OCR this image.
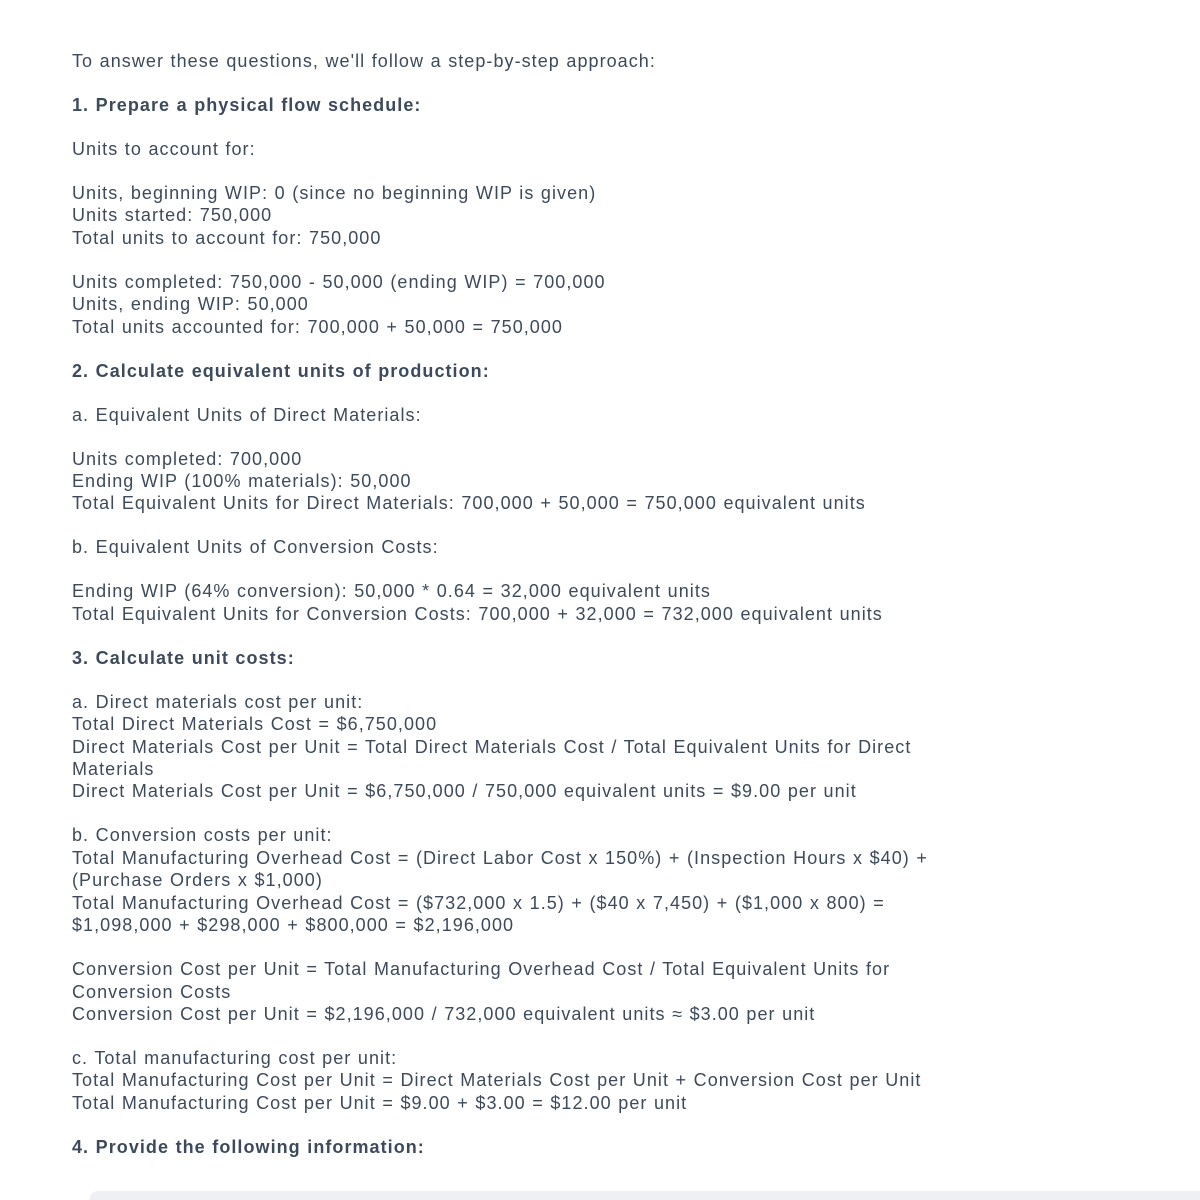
To answer these questions, we'll follow a step-by-step approach:
1. Prepare a physical flow schedule:
Units to account for:
Units, beginning WIP: 0 (since no beginning WIP is given)
Units started: 750,000
Total units to account for: 750,000
Units completed: 750,000 - 50,000 (ending WIP) = 700,000
Units, ending WIP: 50,000
Total units accounted for: 700,000 + 50,000 = 750,000
2. Calculate equivalent units of production:
a. Equivalent Units of Direct Materials:
Units completed: 700,000
Ending WIP (100% materials): 50,000
Total Equivalent Units for Direct Materials: 700,000 + 50,000 = 750,000 equivalent units
b. Equivalent Units of Conversion Costs:
Ending WIP (64% conversion): 50,000 * 0.64 = 32,000 equivalent units
Total Equivalent Units for Conversion Costs: 700,000 + 32,000 = 732,000 equivalent units
3. Calculate unit costs:
a. Direct materials cost per unit:
Total Direct Materials Cost = $6,750,000
Direct Materials Cost per Unit = Total Direct Materials Cost / Total Equivalent Units for Direct
Materials
Direct Materials Cost per Unit = $6,750,000 / 750,000 equivalent units = $9.00 per unit
b. Conversion costs per unit:
Total Manufacturing Overhead Cost = (Direct Labor Cost x 150%) + (Inspection Hours x $40) +
(Purchase Orders x $1,000)
Total Manufacturing Overhead Cost = ($732,000 x 1.5) + ($40 x 7,450) + ($1,000 x 800) =
$1,098,000 + $298,000 + $800,000 = $2,196,000
Conversion Cost per Unit = Total Manufacturing Overhead Cost / Total Equivalent Units for
Conversion Costs
Conversion Cost per Unit = $2,196,000 / 732,000 equivalent units ≈ $3.00 per unit
c. Total manufacturing cost per unit:
Total Manufacturing Cost per Unit = Direct Materials Cost per Unit + Conversion Cost per Unit
Total Manufacturing Cost per Unit = $9.00 + $3.00 = $12.00 per unit
4. Provide the following information:
